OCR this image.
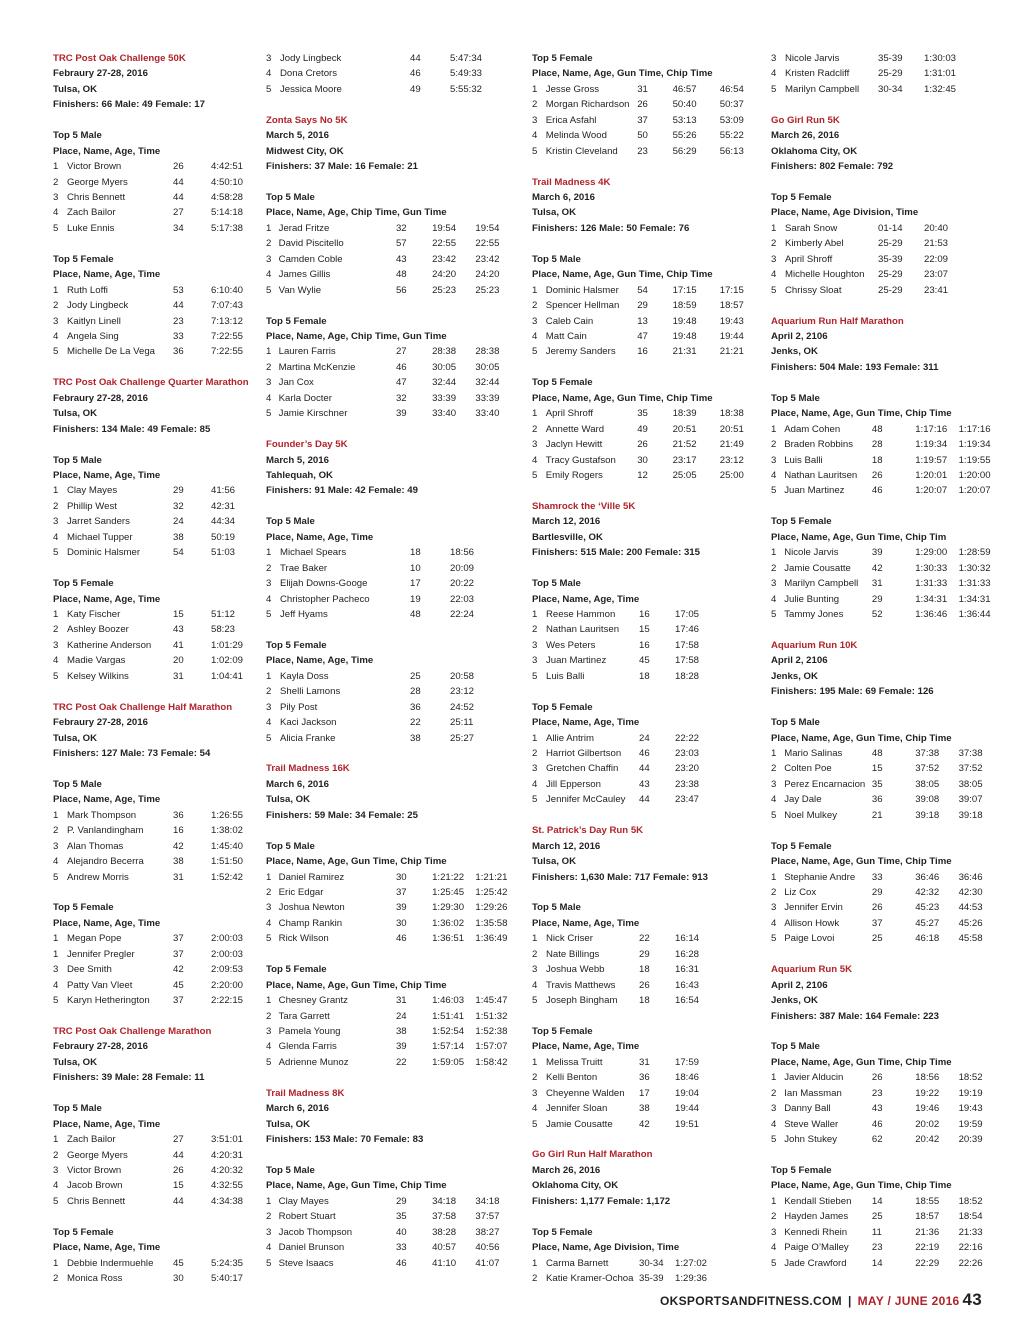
TRC Post Oak Challenge 50K
Febraury 27-28, 2016
Tulsa, OK
Finishers: 66 Male: 49 Female: 17
Top 5 Male
Place, Name, Age, Time
1 Victor Brown	26	4:42:51
2 George Myers	44	4:50:10
3 Chris Bennett	44	4:58:28
4 Zach Bailor	27	5:14:18
5 Luke Ennis	34	5:17:38
Top 5 Female
Place, Name, Age, Time
1 Ruth Loffi	53	6:10:40
2 Jody Lingbeck	44	7:07:43
3 Kaitlyn Linell	23	7:13:12
4 Angela Sing	33	7:22:55
5 Michelle De La Vega	36	7:22:55
TRC Post Oak Challenge Quarter Marathon
Febraury 27-28, 2016
Tulsa, OK
Finishers: 134 Male: 49 Female: 85
Top 5 Male
Place, Name, Age, Time
1 Clay Mayes	29	41:56
2 Phillip West	32	42:31
3 Jarret Sanders	24	44:34
4 Michael Tupper	38	50:19
5 Dominic Halsmer	54	51:03
Top 5 Female
Place, Name, Age, Time
1 Katy Fischer	15	51:12
2 Ashley Boozer	43	58:23
3 Katherine Anderson	41	1:01:29
4 Madie Vargas	20	1:02:09
5 Kelsey Wilkins	31	1:04:41
TRC Post Oak Challenge Half Marathon
Febraury 27-28, 2016
Tulsa, OK
Finishers: 127 Male: 73 Female: 54
Top 5 Male
Place, Name, Age, Time
1 Mark Thompson	36	1:26:55
2 P. Vanlandingham	16	1:38:02
3 Alan Thomas	42	1:45:40
4 Alejandro Becerra	38	1:51:50
5 Andrew Morris	31	1:52:42
Top 5 Female
Place, Name, Age, Time
1 Megan Pope	37	2:00:03
1 Jennifer Pregler	37	2:00:03
3 Dee Smith	42	2:09:53
4 Patty Van Vleet	45	2:20:00
5 Karyn Hetherington	37	2:22:15
TRC Post Oak Challenge Marathon
Febraury 27-28, 2016
Tulsa, OK
Finishers: 39 Male: 28 Female: 11
Top 5 Male
Place, Name, Age, Time
1 Zach Bailor	27	3:51:01
2 George Myers	44	4:20:31
3 Victor Brown	26	4:20:32
4 Jacob Brown	15	4:32:55
5 Chris Bennett	44	4:34:38
Top 5 Female
Place, Name, Age, Time
1 Debbie Indermuehle	45	5:24:35
2 Monica Ross	30	5:40:17
3 Jody Lingbeck	44	5:47:34
4 Dona Cretors	46	5:49:33
5 Jessica Moore	49	5:55:32
Zonta Says No 5K
March 5, 2016
Midwest City, OK
Finishers: 37 Male: 16 Female: 21
Top 5 Male
Place, Name, Age, Chip Time, Gun Time
1 Jerad Fritze	32	19:54	19:54
2 David Piscitello	57	22:55	22:55
3 Camden Coble	43	23:42	23:42
4 James Gillis	48	24:20	24:20
5 Van Wylie	56	25:23	25:23
Top 5 Female
Place, Name, Age, Chip Time, Gun Time
1 Lauren Farris	27	28:38	28:38
2 Martina McKenzie	46	30:05	30:05
3 Jan Cox	47	32:44	32:44
4 Karla Docter	32	33:39	33:39
5 Jamie Kirschner	39	33:40	33:40
Founder’s Day 5K
March 5, 2016
Tahlequah, OK
Finishers: 91 Male: 42 Female: 49
Top 5 Male
Place, Name, Age, Time
1 Michael Spears	18	18:56
2 Trae Baker	10	20:09
3 Elijah Downs-Googe	17	20:22
4 Christopher Pacheco	19	22:03
5 Jeff Hyams	48	22:24
Top 5 Female
Place, Name, Age, Time
1 Kayla Doss	25	20:58
2 Shelli Lamons	28	23:12
3 Pily Post	36	24:52
4 Kaci Jackson	22	25:11
5 Alicia Franke	38	25:27
Trail Madness 16K
March 6, 2016
Tulsa, OK
Finishers: 59 Male: 34 Female: 25
Top 5 Male
Place, Name, Age, Gun Time, Chip Time
1 Daniel Ramirez	30	1:21:22	1:21:21
2 Eric Edgar	37	1:25:45	1:25:42
3 Joshua Newton	39	1:29:30	1:29:26
4 Champ Rankin	30	1:36:02	1:35:58
5 Rick Wilson	46	1:36:51	1:36:49
Top 5 Female
Place, Name, Age, Gun Time, Chip Time
1 Chesney Grantz	31	1:46:03	1:45:47
2 Tara Garrett	24	1:51:41	1:51:32
3 Pamela Young	38	1:52:54	1:52:38
4 Glenda Farris	39	1:57:14	1:57:07
5 Adrienne Munoz	22	1:59:05	1:58:42
Trail Madness 8K
March 6, 2016
Tulsa, OK
Finishers: 153 Male: 70 Female: 83
Top 5 Male
Place, Name, Age, Gun Time, Chip Time
1 Clay Mayes	29	34:18	34:18
2 Robert Stuart	35	37:58	37:57
3 Jacob Thompson	40	38:28	38:27
4 Daniel Brunson	33	40:57	40:56
5 Steve Isaacs	46	41:10	41:07
Top 5 Female
Place, Name, Age, Gun Time, Chip Time
1 Jesse Gross	31	46:57	46:54
2 Morgan Richardson 26	50:40	50:37
3 Erica Asfahl	37	53:13	53:09
4 Melinda Wood	50	55:26	55:22
5 Kristin Cleveland	23	56:29	56:13
Trail Madness 4K
March 6, 2016
Tulsa, OK
Finishers: 126 Male: 50 Female: 76
Top 5 Male
Place, Name, Age, Gun Time, Chip Time
1 Dominic Halsmer	54	17:15	17:15
2 Spencer Hellman	29	18:59	18:57
3 Caleb Cain	13	19:48	19:43
4 Matt Cain	47	19:48	19:44
5 Jeremy Sanders	16	21:31	21:21
Top 5 Female
Place, Name, Age, Gun Time, Chip Time
1 April Shroff	35	18:39	18:38
2 Annette Ward	49	20:51	20:51
3 Jaclyn Hewitt	26	21:52	21:49
4 Tracy Gustafson	30	23:17	23:12
5 Emily Rogers	12	25:05	25:00
Shamrock the ‘Ville 5K
March 12, 2016
Bartlesville, OK
Finishers: 515 Male: 200 Female: 315
Top 5 Male
Place, Name, Age, Time
1 Reese Hammon	16	17:05
2 Nathan Lauritsen	15	17:46
3 Wes Peters	16	17:58
3 Juan Martinez	45	17:58
5 Luis Balli	18	18:28
Top 5 Female
Place, Name, Age, Time
1 Allie Antrim	24	22:22
2 Harriot Gilbertson	46	23:03
3 Gretchen Chaffin	44	23:20
4 Jill Epperson	43	23:38
5 Jennifer McCauley	44	23:47
St. Patrick’s Day Run 5K
March 12, 2016
Tulsa, OK
Finishers: 1,630 Male: 717 Female: 913
Top 5 Male
Place, Name, Age, Time
1 Nick Criser	22	16:14
2 Nate Billings	29	16:28
3 Joshua Webb	18	16:31
4 Travis Matthews	26	16:43
5 Joseph Bingham	18	16:54
Top 5 Female
Place, Name, Age, Time
1 Melissa Truitt	31	17:59
2 Kelli Benton	36	18:46
3 Cheyenne Walden	17	19:04
4 Jennifer Sloan	38	19:44
5 Jamie Cousatte	42	19:51
Go Girl Run Half Marathon
March 26, 2016
Oklahoma City, OK
Finishers: 1,177 Female: 1,172
Top 5 Female
Place, Name, Age Division, Time
1 Carma Barnett	30-34	1:27:02
2 Katie Kramer-Ochoa 35-39	1:29:36
3 Nicole Jarvis	35-39	1:30:03
4 Kristen Radcliff	25-29	1:31:01
5 Marilyn Campbell	30-34	1:32:45
Go Girl Run 5K
March 26, 2016
Oklahoma City, OK
Finishers: 802 Female: 792
Top 5 Female
Place, Name, Age Division, Time
1 Sarah Snow	01-14	20:40
2 Kimberly Abel	25-29	21:53
3 April Shroff	35-39	22:09
4 Michelle Houghton	25-29	23:07
5 Chrissy Sloat	25-29	23:41
Aquarium Run Half Marathon
April 2, 2106
Jenks, OK
Finishers: 504 Male: 193 Female: 311
Top 5 Male
Place, Name, Age, Gun Time, Chip Time
1 Adam Cohen	48	1:17:16	1:17:16
2 Braden Robbins	28	1:19:34	1:19:34
3 Luis Balli	18	1:19:57	1:19:55
4 Nathan Lauritsen	26	1:20:01	1:20:00
5 Juan Martinez	46	1:20:07	1:20:07
Top 5 Female
Place, Name, Age, Gun Time, Chip Tim
1 Nicole Jarvis	39	1:29:00	1:28:59
2 Jamie Cousatte	42	1:30:33	1:30:32
3 Marilyn Campbell	31	1:31:33	1:31:33
4 Julie Bunting	29	1:34:31	1:34:31
5 Tammy Jones	52	1:36:46	1:36:44
Aquarium Run 10K
April 2, 2106
Jenks, OK
Finishers: 195 Male: 69 Female: 126
Top 5 Male
Place, Name, Age, Gun Time, Chip Time
1 Mario Salinas	48	37:38	37:38
2 Colten Poe	15	37:52	37:52
3 Perez Encarnacion 35	38:05	38:05
4 Jay Dale	36	39:08	39:07
5 Noel Mulkey	21	39:18	39:18
Top 5 Female
Place, Name, Age, Gun Time, Chip Time
1 Stephanie Andre	33	36:46	36:46
2 Liz Cox	29	42:32	42:30
3 Jennifer Ervin	26	45:23	44:53
4 Allison Howk	37	45:27	45:26
5 Paige Lovoi	25	46:18	45:58
Aquarium Run 5K
April 2, 2106
Jenks, OK
Finishers: 387 Male: 164 Female: 223
Top 5 Male
Place, Name, Age, Gun Time, Chip Time
1 Javier Alducin	26	18:56	18:52
2 Ian Massman	23	19:22	19:19
3 Danny Ball	43	19:46	19:43
4 Steve Waller	46	20:02	19:59
5 John Stukey	62	20:42	20:39
Top 5 Female
Place, Name, Age, Gun Time, Chip Time
1 Kendall Stieben	14	18:55	18:52
2 Hayden James	25	18:57	18:54
3 Kennedi Rhein	11	21:36	21:33
4 Paige O’Malley	23	22:19	22:16
5 Jade Crawford	14	22:29	22:26
OKSPORTSANDFITNESS.COM | MAY / JUNE 2016 43
